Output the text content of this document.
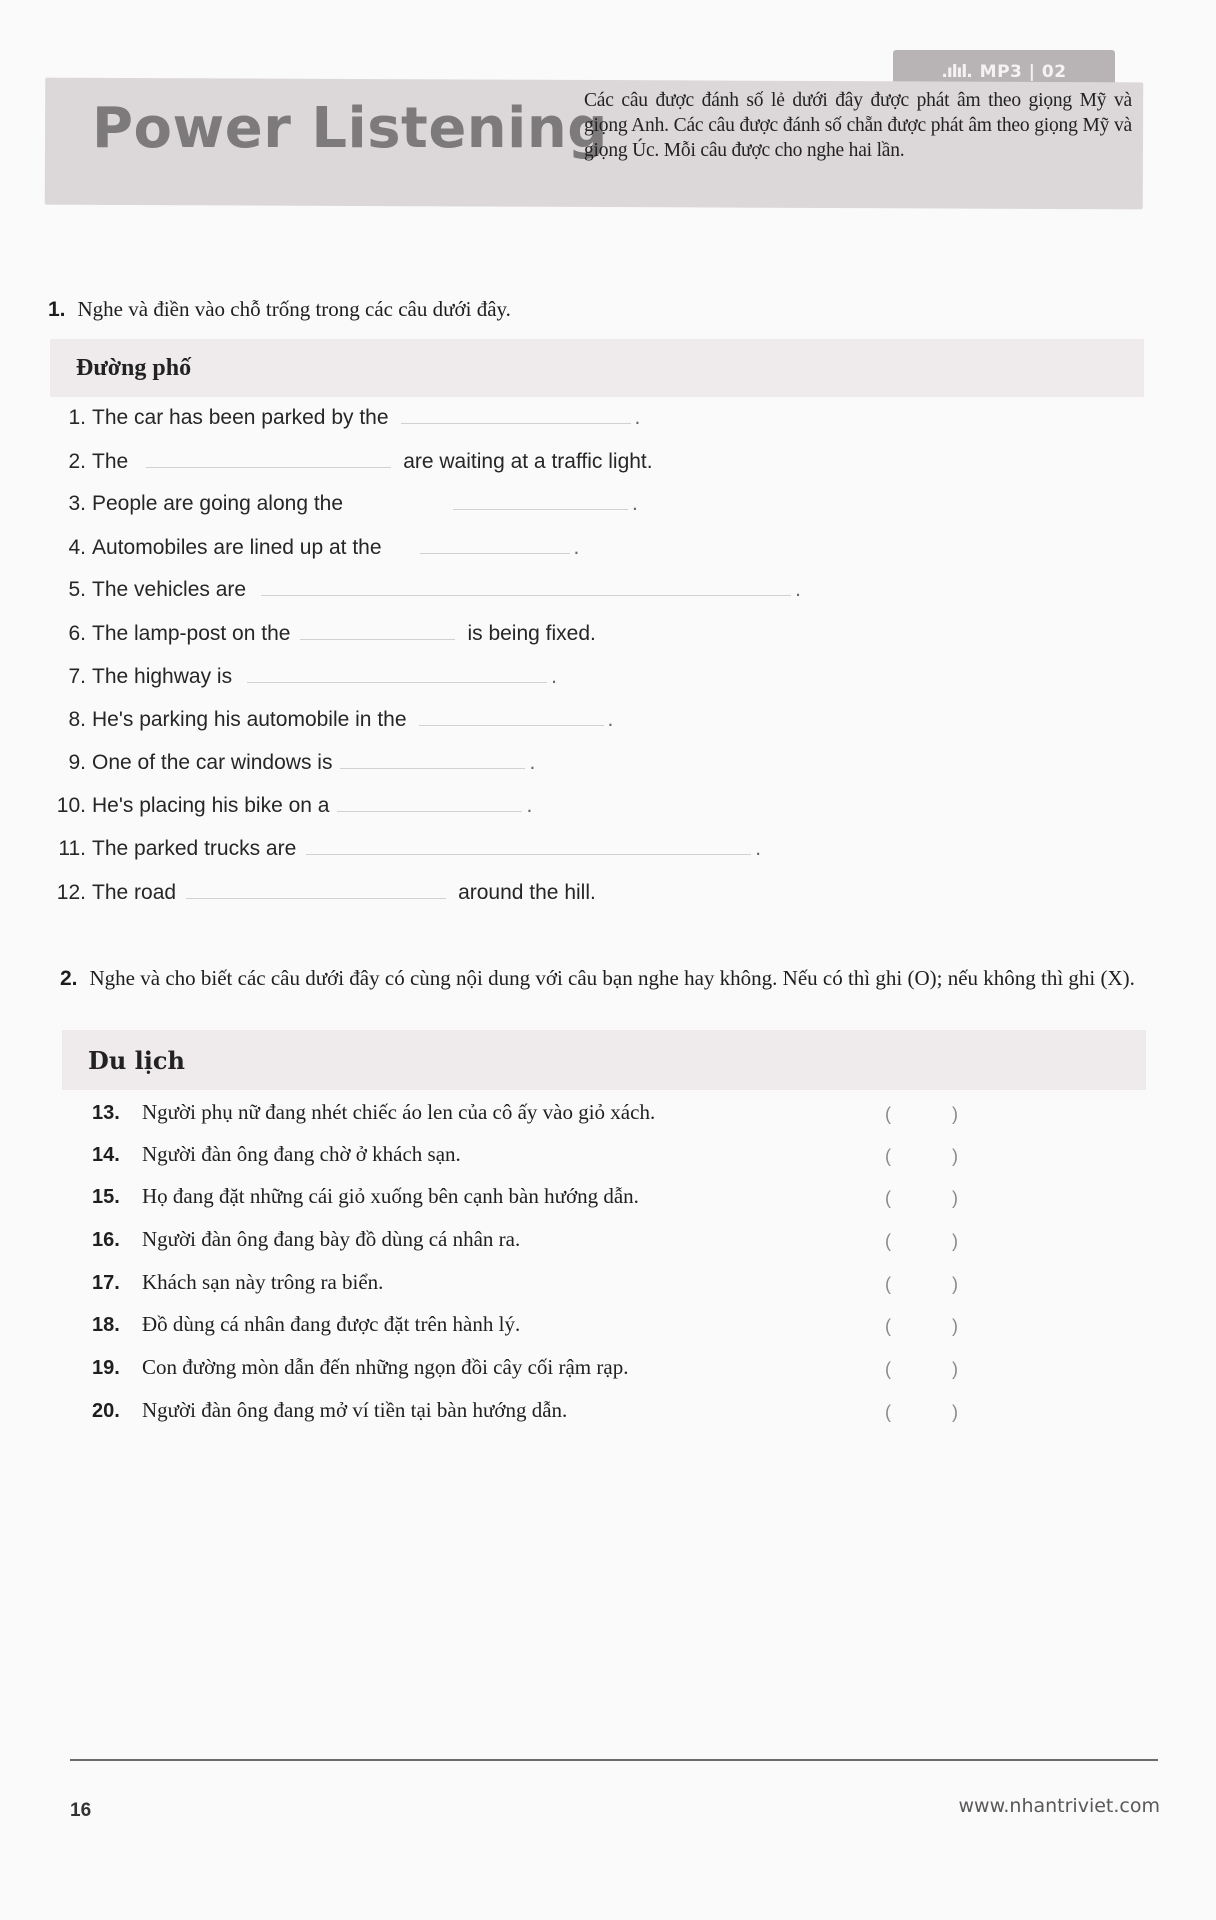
.ılıl. MP3 | 02
Power Listening
Các câu được đánh số lẻ dưới đây được phát âm theo giọng Mỹ và giọng Anh. Các câu được đánh số chẵn được phát âm theo giọng Mỹ và giọng Úc. Mỗi câu được cho nghe hai lần.
1. Nghe và điền vào chỗ trống trong các câu dưới đây.
Đường phố
1. The car has been parked by the	.
2. The	are waiting at a traffic light.
3. People are going along the	.
4. Automobiles are lined up at the	.
5. The vehicles are	.
6. The lamp-post on the	is being fixed.
7. The highway is	.
8. He's parking his automobile in the	.
9. One of the car windows is	.
10. He's placing his bike on a	.
11. The parked trucks are	.
12. The road	around the hill.
2. Nghe và cho biết các câu dưới đây có cùng nội dung với câu bạn nghe hay không. Nếu có thì ghi (O); nếu không thì ghi (X).
Du lịch
13. Người phụ nữ đang nhét chiếc áo len của cô ấy vào giỏ xách.	(	)
14. Người đàn ông đang chờ ở khách sạn.	(	)
15. Họ đang đặt những cái giỏ xuống bên cạnh bàn hướng dẫn.	(	)
16. Người đàn ông đang bày đồ dùng cá nhân ra.	(	)
17. Khách sạn này trông ra biển.	(	)
18. Đồ dùng cá nhân đang được đặt trên hành lý.	(	)
19. Con đường mòn dẫn đến những ngọn đồi cây cối rậm rạp.	(	)
20. Người đàn ông đang mở ví tiền tại bàn hướng dẫn.	(	)
16	www.nhantriviet.com
